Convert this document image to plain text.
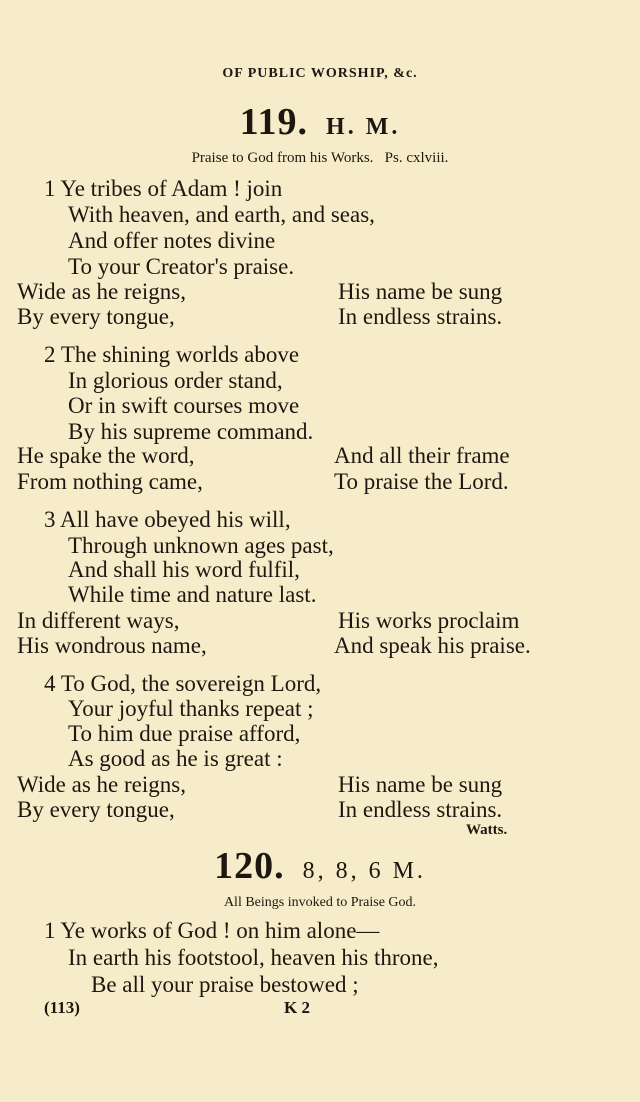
OF PUBLIC WORSHIP, &c.
119. H. M.
Praise to God from his Works. Ps. cxlviii.
1 Ye tribes of Adam ! join
With heaven, and earth, and seas,
And offer notes divine
To your Creator's praise.
Wide as he reigns,	His name be sung
By every tongue,	In endless strains.
2 The shining worlds above
In glorious order stand,
Or in swift courses move
By his supreme command.
He spake the word,	And all their frame
From nothing came,	To praise the Lord.
3 All have obeyed his will,
Through unknown ages past,
And shall his word fulfil,
While time and nature last.
In different ways,	His works proclaim
His wondrous name,	And speak his praise.
4 To God, the sovereign Lord,
Your joyful thanks repeat ;
To him due praise afford,
As good as he is great :
Wide as he reigns,	His name be sung
By every tongue,	In endless strains.
Watts.
120. 8, 8, 6 M.
All Beings invoked to Praise God.
1 Ye works of God ! on him alone—
In earth his footstool, heaven his throne,
Be all your praise bestowed ;
(113)	K 2
